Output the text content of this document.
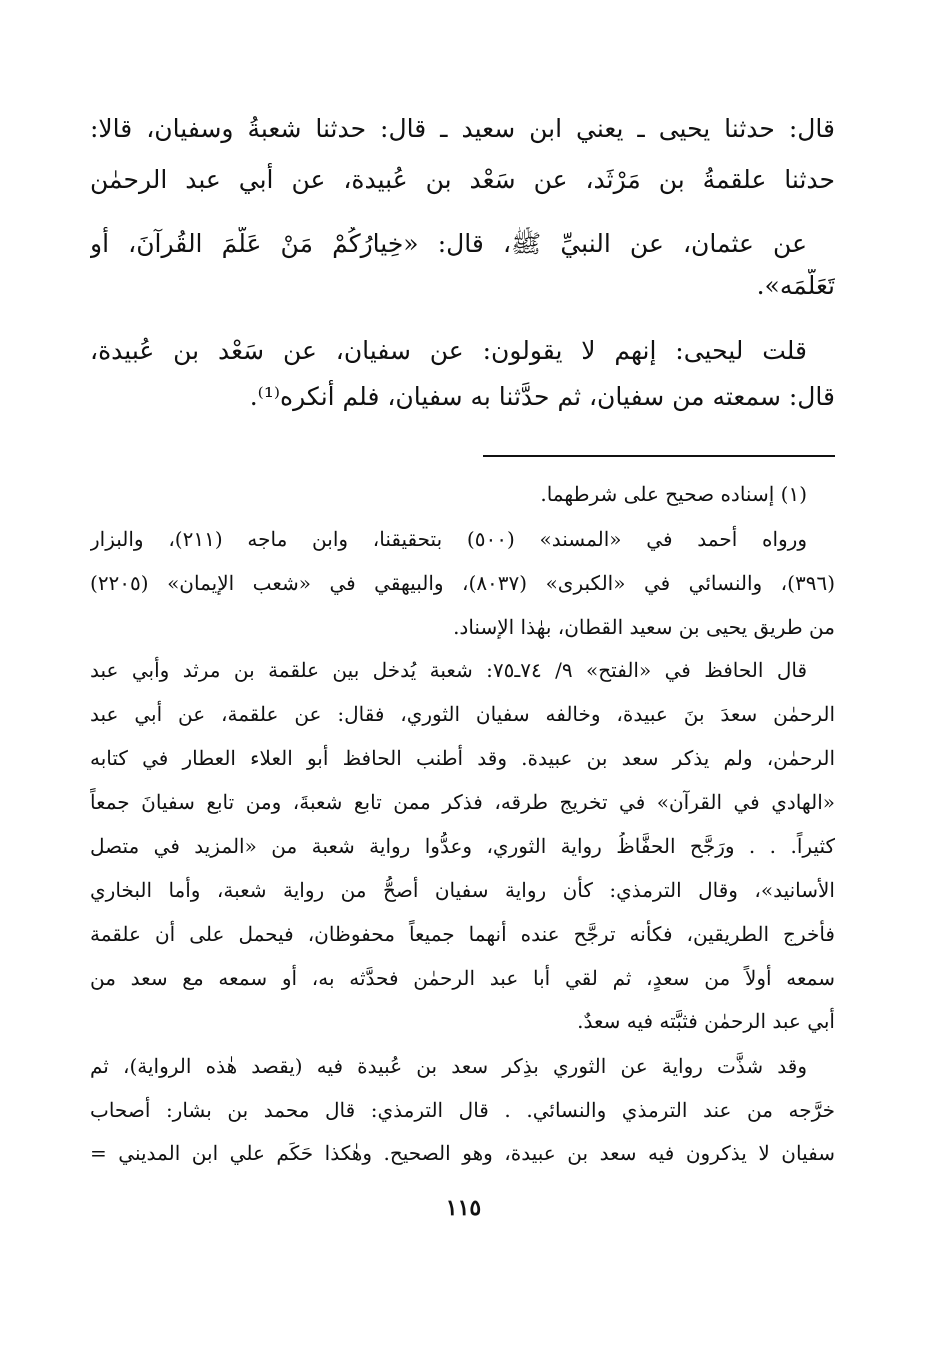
قال: حدثنا يحيى ـ يعني ابن سعيد ـ قال: حدثنا شعبةُ وسفيان، قالا:
حدثنا علقمةُ بن مَرْثَد، عن سَعْد بن عُبيدة، عن أبي عبد الرحمٰن
عن عثمان، عن النبيِّ ﷺ، قال: «خِيارُكُمْ مَنْ عَلَّمَ القُرآنَ، أَو
تَعَلَّمَه».
قلت ليحيى: إنهم لا يقولون: عن سفيان، عن سَعْد بن عُبيدة،
قال: سمعته من سفيان، ثم حدَّثنا به سفيان، فلم أنكره⁽¹⁾.
(١) إسناده صحيح على شرطهما.
ورواه أحمد في «المسند» (٥٠٠) بتحقيقنا، وابن ماجه (٢١١)، والبزار
(٣٩٦)، والنسائي في «الكبرى» (٨٠٣٧)، والبيهقي في «شعب الإيمان» (٢٢٠٥)
من طريق يحيى بن سعيد القطان، بهٰذا الإسناد.
قال الحافظ في «الفتح» ٩/ ٧٤ـ٧٥: شعبة يُدخل بين علقمة بن مرثد وأبي عبد
الرحمٰن سعدَ بنَ عبيدة، وخالفه سفيان الثوري، فقال: عن علقمة، عن أبي عبد
الرحمٰن، ولم يذكر سعد بن عبيدة. وقد أطنب الحافظ أبو العلاء العطار في كتابه
«الهادي في القرآن» في تخريج طرقه، فذكر ممن تابع شعبةَ، ومن تابع سفيانَ جمعاً
كثيراً. . . ورَجَّح الحفَّاظُ رواية الثوري، وعدُّوا رواية شعبة من «المزيد في متصل
الأسانيد»، وقال الترمذي: كأن رواية سفيان أصحُّ من رواية شعبة، وأما البخاري
فأخرج الطريقين، فكأنه ترجَّح عنده أنهما جميعاً محفوظان، فيحمل على أن علقمة
سمعه أولاً من سعدٍ، ثم لقي أبا عبد الرحمٰن فحدَّثه به، أو سمعه مع سعد من
أبي عبد الرحمٰن فثبَّته فيه سعدٌ.
وقد شذَّت رواية عن الثوري بذِكر سعد بن عُبيدة فيه (يقصد هٰذه الرواية)، ثم
خرَّجه من عند الترمذي والنسائي. . قال الترمذي: قال محمد بن بشار: أصحاب
سفيان لا يذكرون فيه سعد بن عبيدة، وهو الصحيح. وهٰكذا حَكَم علي ابن المديني =
١١٥
